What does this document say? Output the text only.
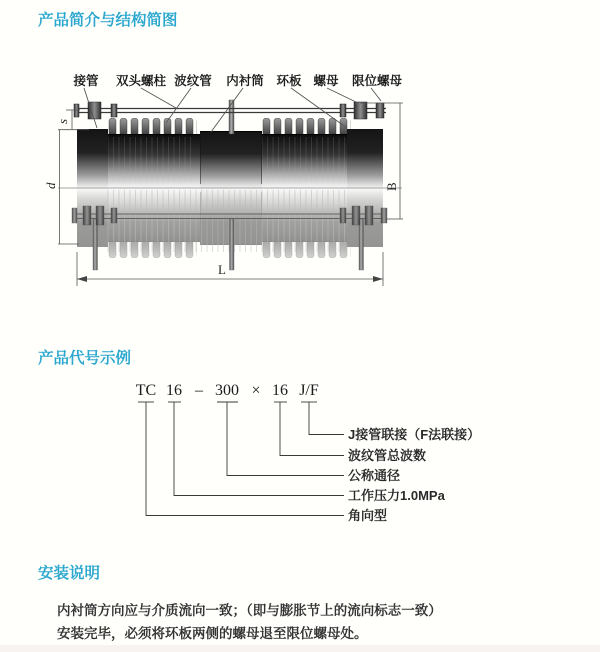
产品简介与结构简图
s
d	B
L
接管 双头螺柱 波纹管 内衬筒 环板 螺母 限位螺母
产品代号示例
TC 16 – 300 × 16 J/F
J接管联接（F法联接）
波纹管总波数
公称通径
工作压力1.0MPa
角向型
安装说明
内衬筒方向应与介质流向一致；（即与膨胀节上的流向标志一致）
安装完毕，必须将环板两侧的螺母退至限位螺母处。
